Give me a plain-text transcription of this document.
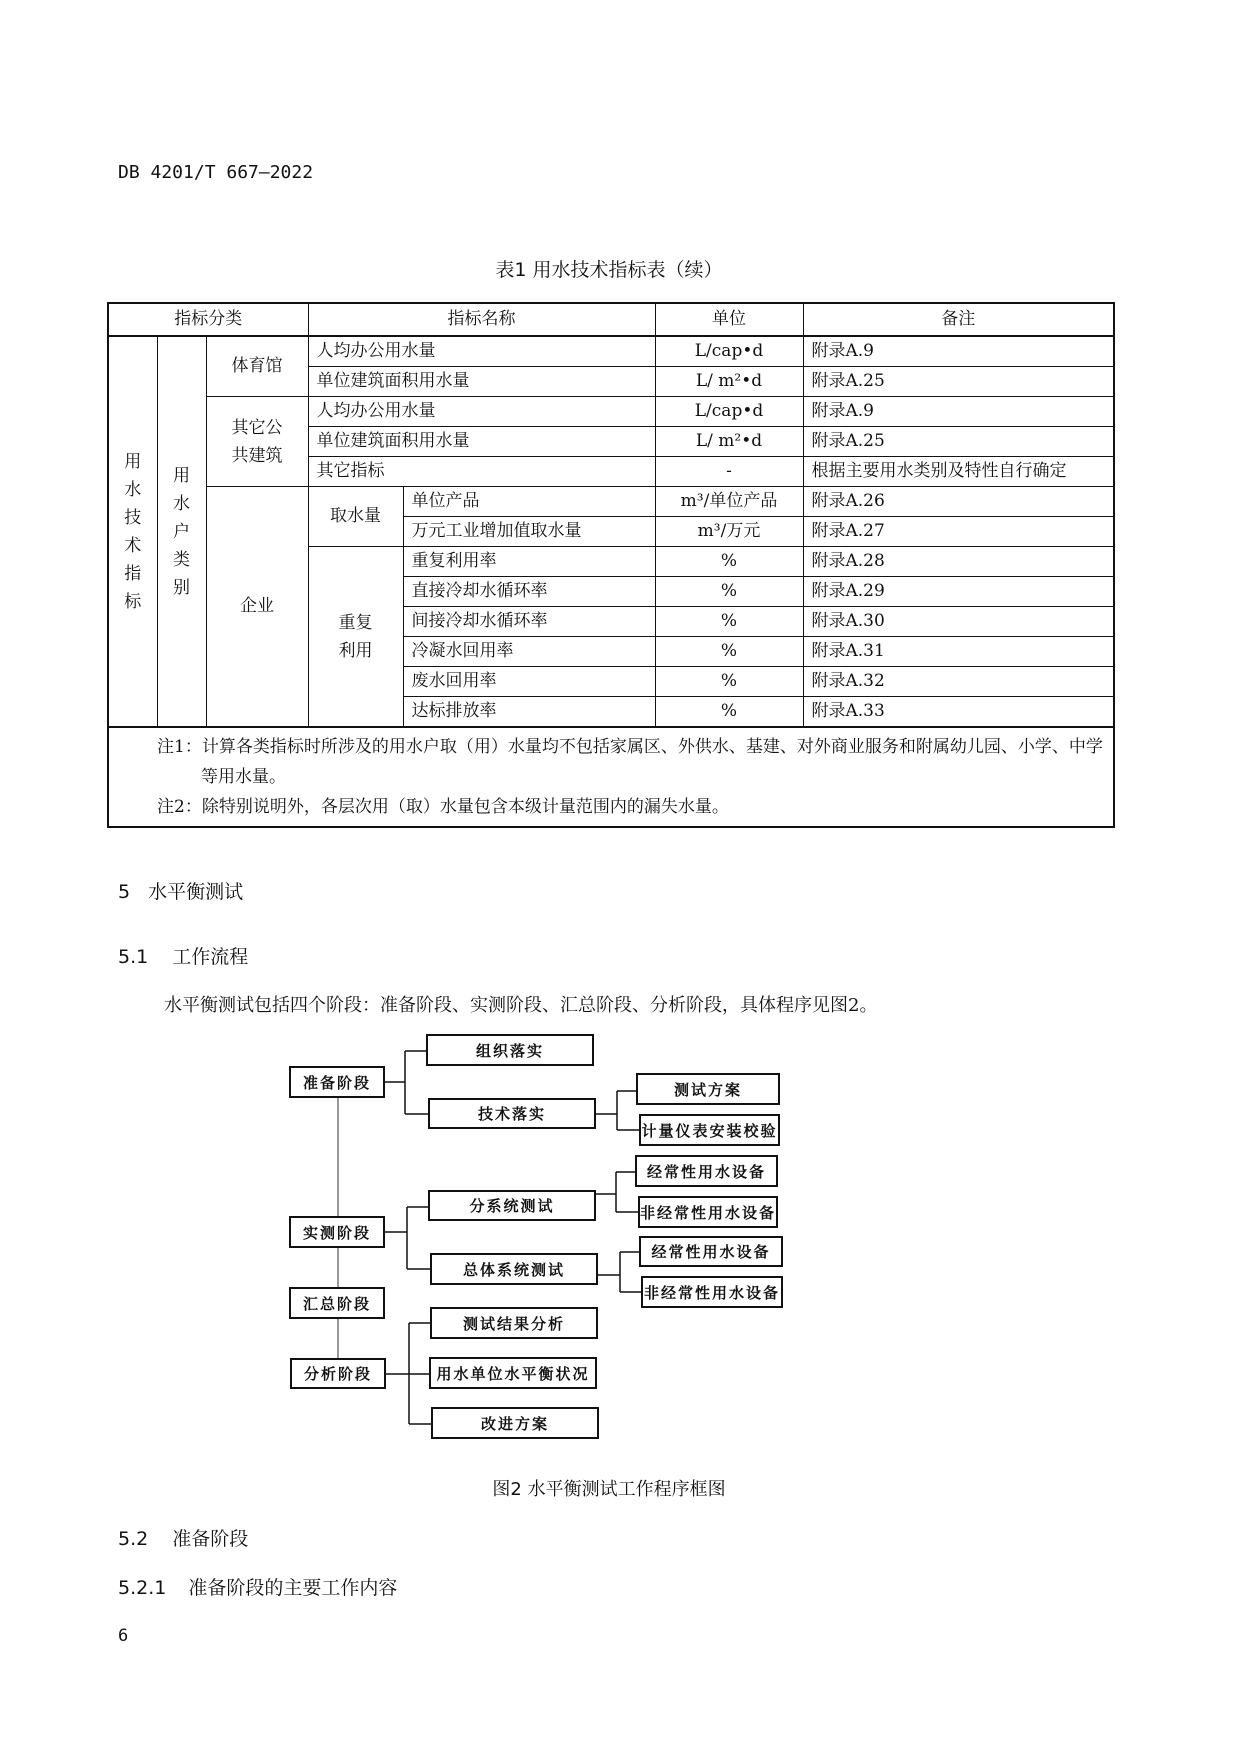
DB 4201/T 667—2022
表1 用水技术指标表（续）
指标分类			指标名称		单位	备注

用水技术指标	用水户类别	体育馆	人均办公用水量		L/cap•d	附录A.9
			单位建筑面积用水量		L/ m²•d	附录A.25
		其它公共建筑	人均办公用水量		L/cap•d	附录A.9
			单位建筑面积用水量		L/ m²•d	附录A.25
			其它指标		-	根据主要用水类别及特性自行确定
		企业	取水量	单位产品	m³/单位产品	附录A.26
				万元工业增加值取水量	m³/万元	附录A.27
			重复利用	重复利用率	%	附录A.28
				直接冷却水循环率	%	附录A.29
				间接冷却水循环率	%	附录A.30
				冷凝水回用率	%	附录A.31
				废水回用率	%	附录A.32
				达标排放率	%	附录A.33

注1：计算各类指标时所涉及的用水户取（用）水量均不包括家属区、外供水、基建、对外商业服务和附属幼儿园、小学、中学等用水量。
注2：除特别说明外，各层次用（取）水量包含本级计量范围内的漏失水量。						
5 水平衡测试
5.1 工作流程
水平衡测试包括四个阶段：准备阶段、实测阶段、汇总阶段、分析阶段，具体程序见图2。
准备阶段
组织落实
技术落实
测试方案
计量仪表安装校验
实测阶段
分系统测试
经常性用水设备
非经常性用水设备
总体系统测试
经常性用水设备
非经常性用水设备
汇总阶段
测试结果分析
分析阶段	用水单位水平衡状况
改进方案
图2 水平衡测试工作程序框图
5.2 准备阶段
5.2.1 准备阶段的主要工作内容
6
